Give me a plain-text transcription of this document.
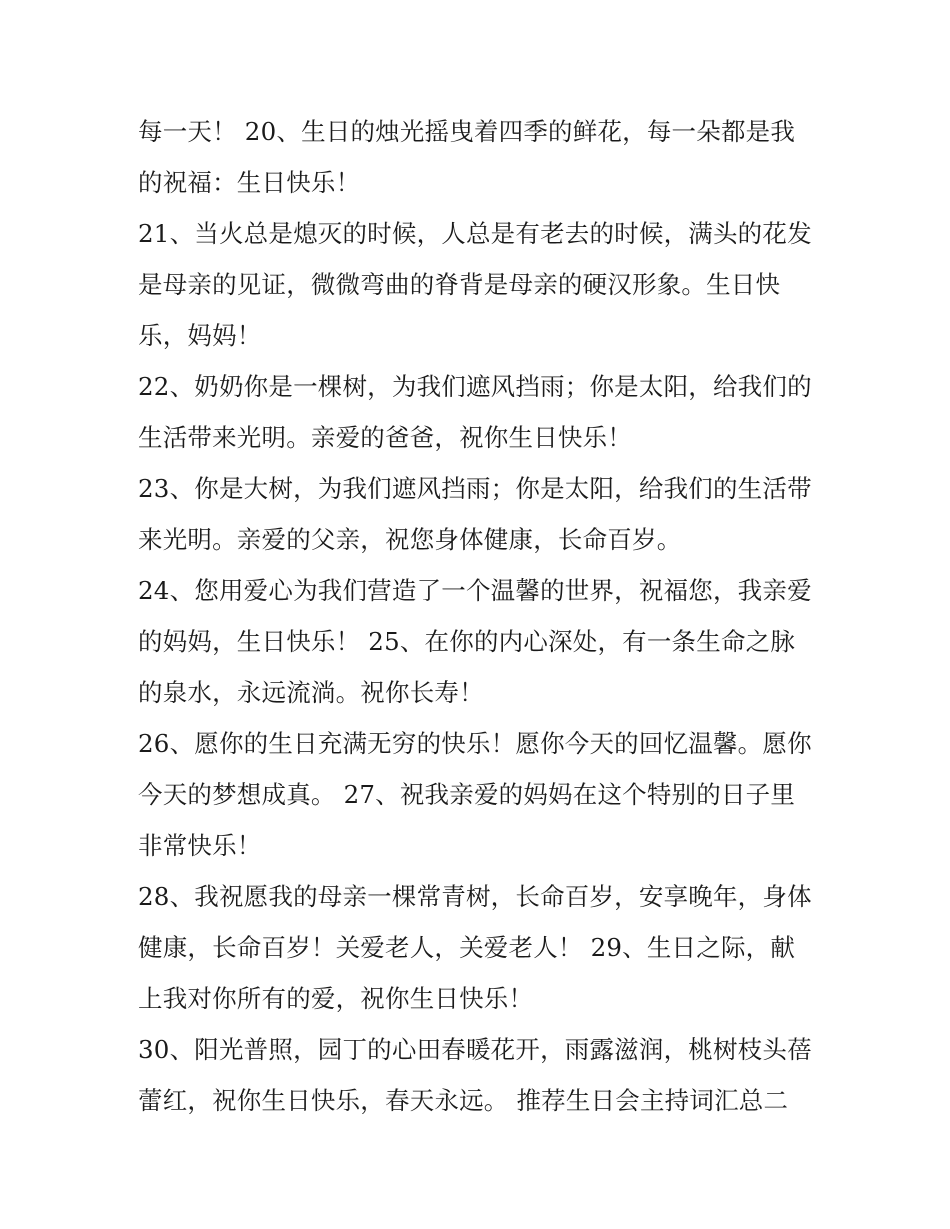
每一天！ 20、生日的烛光摇曳着四季的鲜花，每一朵都是我
的祝福：生日快乐！
21、当火总是熄灭的时候，人总是有老去的时候，满头的花发
是母亲的见证，微微弯曲的脊背是母亲的硬汉形象。生日快
乐，妈妈！
22、奶奶你是一棵树，为我们遮风挡雨；你是太阳，给我们的
生活带来光明。亲爱的爸爸，祝你生日快乐！
23、你是大树，为我们遮风挡雨；你是太阳，给我们的生活带
来光明。亲爱的父亲，祝您身体健康，长命百岁。
24、您用爱心为我们营造了一个温馨的世界，祝福您，我亲爱
的妈妈，生日快乐！ 25、在你的内心深处，有一条生命之脉
的泉水，永远流淌。祝你长寿！
26、愿你的生日充满无穷的快乐！愿你今天的回忆温馨。愿你
今天的梦想成真。 27、祝我亲爱的妈妈在这个特别的日子里
非常快乐！
28、我祝愿我的母亲一棵常青树，长命百岁，安享晚年，身体
健康，长命百岁！关爱老人，关爱老人！ 29、生日之际，献
上我对你所有的爱，祝你生日快乐！
30、阳光普照，园丁的心田春暖花开，雨露滋润，桃树枝头蓓
蕾红，祝你生日快乐，春天永远。 推荐生日会主持词汇总二
